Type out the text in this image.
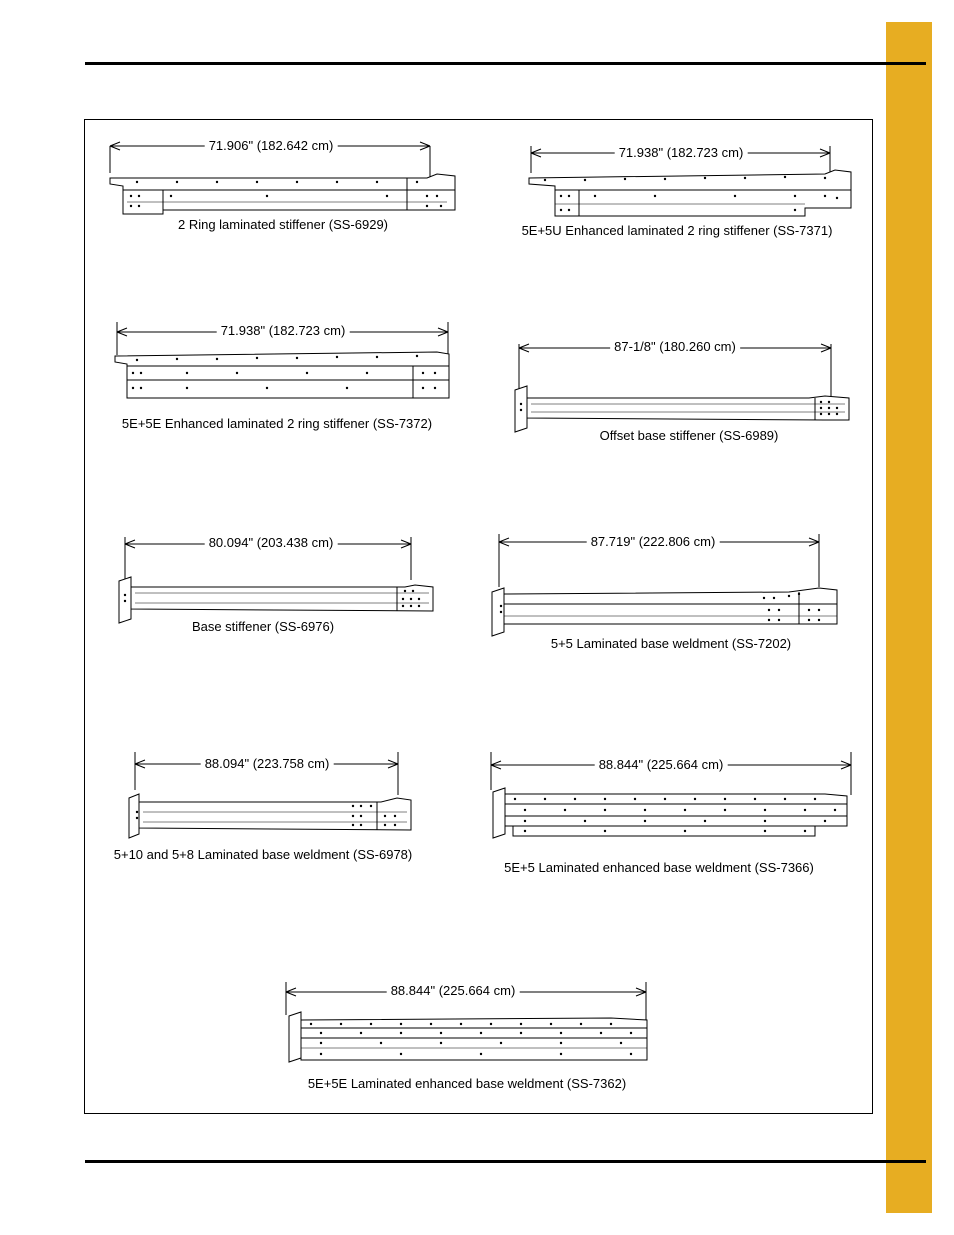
71.906" (182.642 cm)
2 Ring laminated stiffener (SS-6929)
71.938" (182.723 cm)
5E+5U Enhanced laminated 2 ring stiffener (SS-7371)
71.938" (182.723 cm)
5E+5E Enhanced laminated 2 ring stiffener (SS-7372)
87-1/8" (180.260 cm)
Offset base stiffener (SS-6989)
80.094" (203.438 cm)
Base stiffener (SS-6976)
87.719" (222.806 cm)
5+5 Laminated base weldment (SS-7202)
88.094" (223.758 cm)
5+10 and 5+8 Laminated base weldment (SS-6978)
88.844" (225.664 cm)
5E+5 Laminated enhanced base weldment (SS-7366)
88.844" (225.664 cm)
5E+5E Laminated enhanced base weldment (SS-7362)
